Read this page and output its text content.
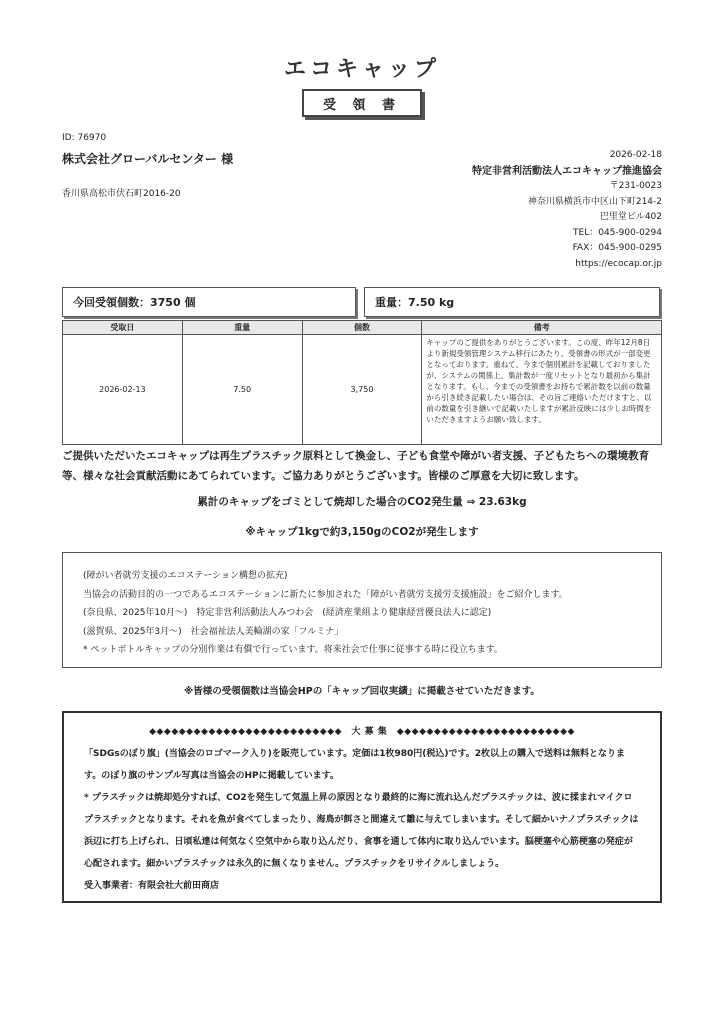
エコキャップ
受 領 書
ID: 76970
株式会社グローバルセンター 様
香川県高松市伏石町2016-20
2026-02-18
特定非営利活動法人エコキャップ推進協会
〒231-0023
神奈川県横浜市中区山下町214-2
巴里堂ビル402
TEL：045-900-0294
FAX：045-900-0295
https://ecocap.or.jp
今回受領個数：3750 個	重量：7.50 kg
受取日	重量	個数	備考
2026-02-13	7.50	3,750	キャップのご提供をありがとうございます。この度、昨年12月8日より新規受領管理システム移行にあたり、受領書の形式が一部変更となっております。重ねて、今まで個別累計を記載しておりましたが、システムの関係上、集計数が一度リセットとなり最初から集計となります。もし、今までの受領書をお持ちで累計数を以前の数量から引き続き記載したい場合は、その旨ご連絡いただけますと、以前の数量を引き継いで記載いたしますが累計反映には少しお時間をいただきますようお願い致します。
ご提供いただいたエコキャップは再生プラスチック原料として換金し、子ども食堂や障がい者支援、子どもたちへの環境教育等、様々な社会貢献活動にあてられています。ご協力ありがとうございます。皆様のご厚意を大切に致します。
累計のキャップをゴミとして焼却した場合のCO2発生量 ⇒ 23.63kg
※キャップ1kgで約3,150gのCO2が発生します

(障がい者就労支援のエコステーション構想の拡充)

当協会の活動目的の一つであるエコステーションに新たに参加された「障がい者就労支援労支援施設」をご紹介します。

(奈良県、2025年10月～)　特定非営利活動法人みつわ会　(経済産業組より健康経営優良法人に認定)

(滋賀県、2025年3月～)　社会福祉法人美輪湖の家「フルミナ」

* ペットボトルキャップの分別作業は有償で行っています。将来社会で仕事に従事する時に役立ちます。

※皆様の受領個数は当協会HPの「キャップ回収実績」に掲載させていただきます。

◆◆◆◆◆◆◆◆◆◆◆◆◆◆◆◆◆◆◆◆◆◆◆◆◆◆　大 募 集　◆◆◆◆◆◆◆◆◆◆◆◆◆◆◆◆◆◆◆◆◆◆◆◆

「SDGsのぼり旗」(当協会のロゴマーク入り)を販売しています。定価は1枚980円(税込)です。2枚以上の購入で送料は無料となります。のぼり旗のサンプル写真は当協会のHPに掲載しています。

* プラスチックは焼却処分すれば、CO2を発生して気温上昇の原因となり最終的に海に流れ込んだプラスチックは、波に揉まれマイクロプラスチックとなります。それを魚が食べてしまったり、海鳥が餌さと間違えて雛に与えてしまいます。そして細かいナノプラスチックは浜辺に打ち上げられ、日頃私達は何気なく空気中から取り込んだり、食事を通して体内に取り込んでいます。脳梗塞や心筋梗塞の発症が心配されます。細かいプラスチックは永久的に無くなりません。プラスチックをリサイクルしましょう。

受入事業者：有限会社大前田商店
